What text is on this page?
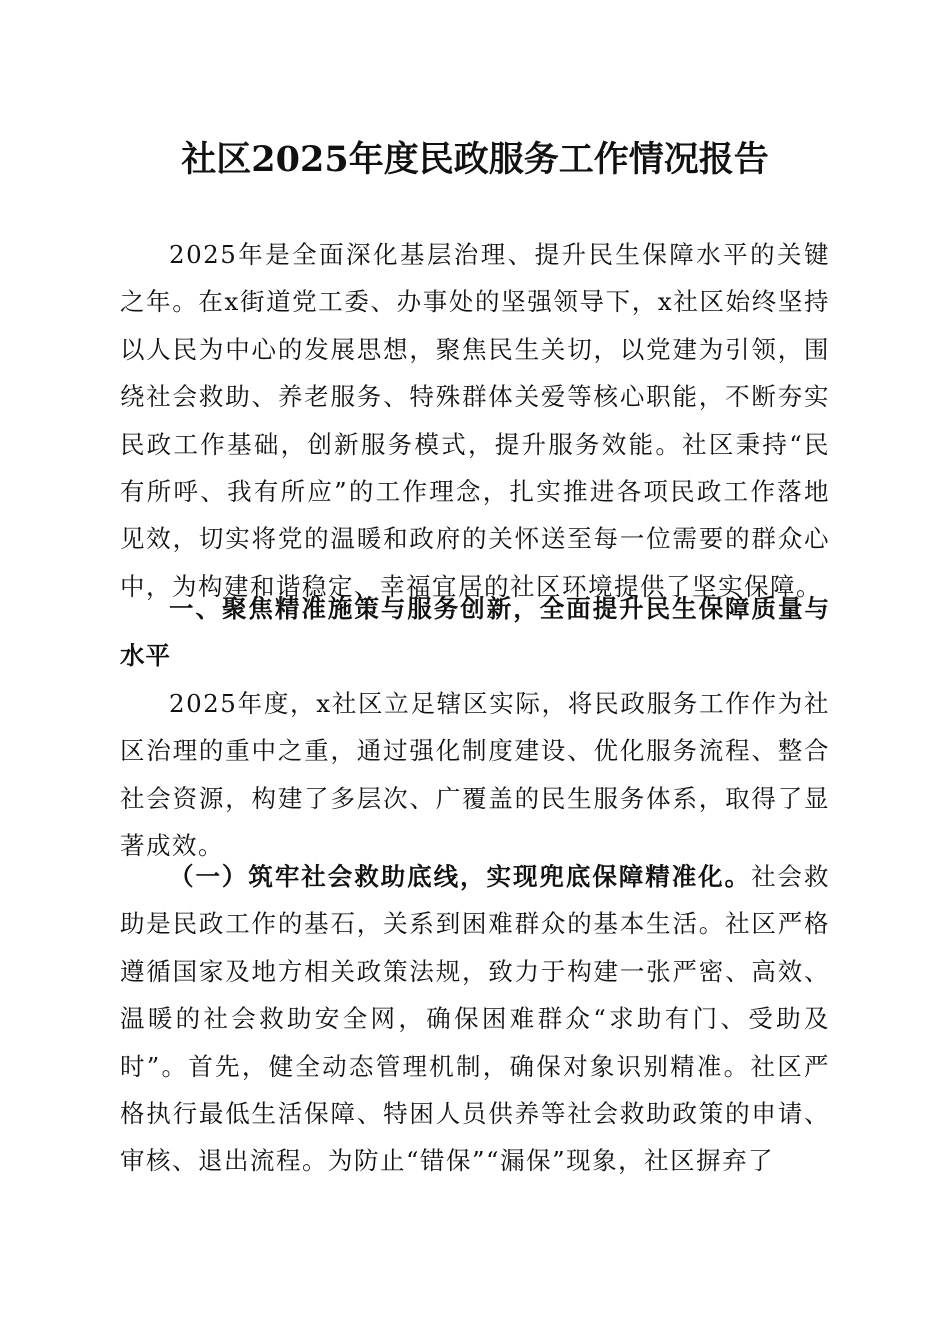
社区2025年度民政服务工作情况报告

2025年是全面深化基层治理、提升民生保障水平的关键之年。在x街道党工委、办事处的坚强领导下，x社区始终坚持以人民为中心的发展思想，聚焦民生关切，以党建为引领，围绕社会救助、养老服务、特殊群体关爱等核心职能，不断夯实民政工作基础，创新服务模式，提升服务效能。社区秉持“民有所呼、我有所应”的工作理念，扎实推进各项民政工作落地见效，切实将党的温暖和政府的关怀送至每一位需要的群众心中，为构建和谐稳定、幸福宜居的社区环境提供了坚实保障。

一、聚焦精准施策与服务创新，全面提升民生保障质量与水平

2025年度，x社区立足辖区实际，将民政服务工作作为社区治理的重中之重，通过强化制度建设、优化服务流程、整合社会资源，构建了多层次、广覆盖的民生服务体系，取得了显著成效。

（一）筑牢社会救助底线，实现兜底保障精准化。社会救助是民政工作的基石，关系到困难群众的基本生活。社区严格遵循国家及地方相关政策法规，致力于构建一张严密、高效、温暖的社会救助安全网，确保困难群众“求助有门、受助及时”。首先，健全动态管理机制，确保对象识别精准。社区严格执行最低生活保障、特困人员供养等社会救助政策的申请、审核、退出流程。为防止“错保”“漏保”现象，社区摒弃了
